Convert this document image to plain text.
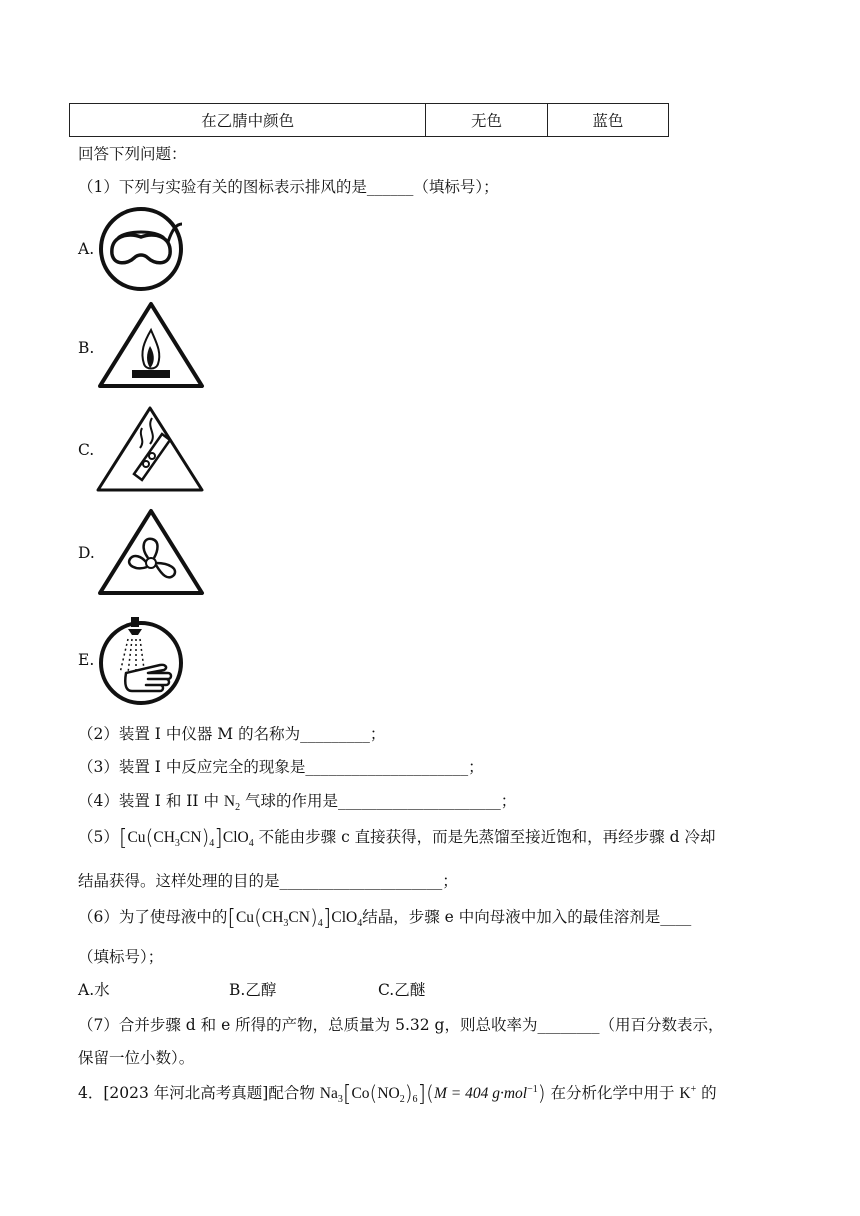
在乙腈中颜色	无色	蓝色
回答下列问题：
（1）下列与实验有关的图标表示排风的是______（填标号）；
A.
B.
C.
D.
E.
（2）装置 I 中仪器 M 的名称为_________；
（3）装置 I 中反应完全的现象是_____________________；
（4）装置 I 和 II 中 $N_2$ 气球的作用是_____________________；
$(5)[Cu(CH_3CN)_4]ClO_4$ 不能由步骤 c 直接获得，而是先蒸馏至接近饱和，再经步骤 d 冷却
结晶获得。这样处理的目的是_____________________；
（6）为了使母液中的$[Cu(CH_3CN)_4]ClO_4$结晶，步骤 e 中向母液中加入的最佳溶剂是____
（填标号）；
A.水	B.乙醇	C.乙醚
（7）合并步骤 d 和 e 所得的产物，总质量为 5.32 g，则总收率为________（用百分数表示，
保留一位小数）。
4．[2023 年河北高考真题]配合物 $Na_3[Co(NO_2)_6](M = 404$ g·mol$^{-1}$) 在分析化学中用于 K+ 的
